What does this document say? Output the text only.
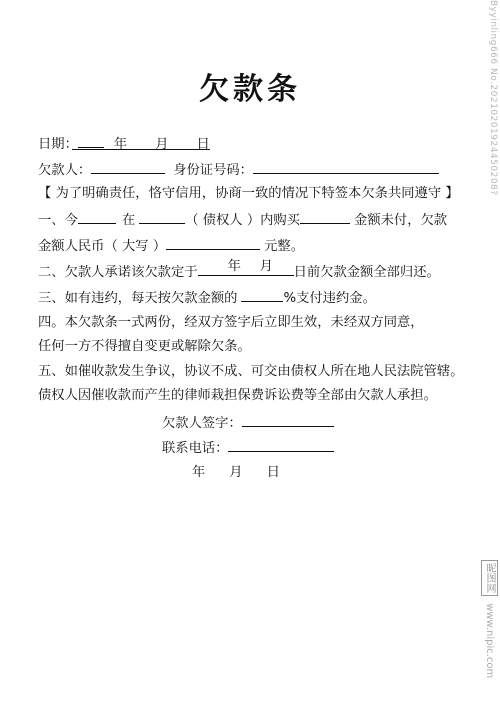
欠款条
日期：	年 月 日
欠款人：	身份证号码：
【 为了明确责任，恪守信用，协商一致的情况下特签本欠条共同遵守 】
一、今	在	（ 债权人 ）内购买	金额未付，欠款
金额人民币（ 大写 ）	元整。
二、欠款人承诺该欠款定于 年 月 日前欠款金额全部归还。
三、如有违约，每天按欠款金额的	%支付违约金。
四。本欠款条一式两份，经双方签字后立即生效，未经双方同意，
任何一方不得擅自变更或解除欠条。
五、如催收款发生争议，协议不成、可交由债权人所在地人民法院管辖。
债权人因催收款而产生的律师栽担保费诉讼费等全部由欠款人承担。
欠款人签字：
联系电话：
年 月 日
Byyinling666 No.20210201924450208?
昵图网 www.nipic.com
